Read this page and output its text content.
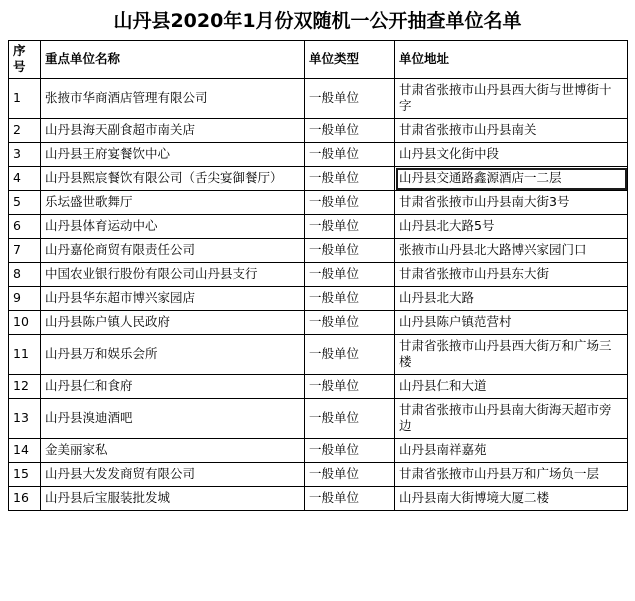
山丹县2020年1月份双随机一公开抽查单位名单
序号	重点单位名称	单位类型	单位地址
1	张掖市华商酒店管理有限公司	一般单位	甘肃省张掖市山丹县西大街与世博街十字
2	山丹县海天副食超市南关店	一般单位	甘肃省张掖市山丹县南关
3	山丹县王府宴餐饮中心	一般单位	山丹县文化街中段
4	山丹县熙宸餐饮有限公司（舌尖宴御餐厅）	一般单位	山丹县交通路鑫源酒店一二层
5	乐坛盛世歌舞厅	一般单位	甘肃省张掖市山丹县南大街3号
6	山丹县体育运动中心	一般单位	山丹县北大路5号
7	山丹嘉伦商贸有限责任公司	一般单位	张掖市山丹县北大路博兴家园门口
8	中国农业银行股份有限公司山丹县支行	一般单位	甘肃省张掖市山丹县东大街
9	山丹县华东超市博兴家园店	一般单位	山丹县北大路
10	山丹县陈户镇人民政府	一般单位	山丹县陈户镇范营村
11	山丹县万和娱乐会所	一般单位	甘肃省张掖市山丹县西大街万和广场三楼
12	山丹县仁和食府	一般单位	山丹县仁和大道
13	山丹县溴迪酒吧	一般单位	甘肃省张掖市山丹县南大街海天超市旁边
14	金美丽家私	一般单位	山丹县南祥嘉苑
15	山丹县大发发商贸有限公司	一般单位	甘肃省张掖市山丹县万和广场负一层
16	山丹县后宝服装批发城	一般单位	山丹县南大街博境大厦二楼
